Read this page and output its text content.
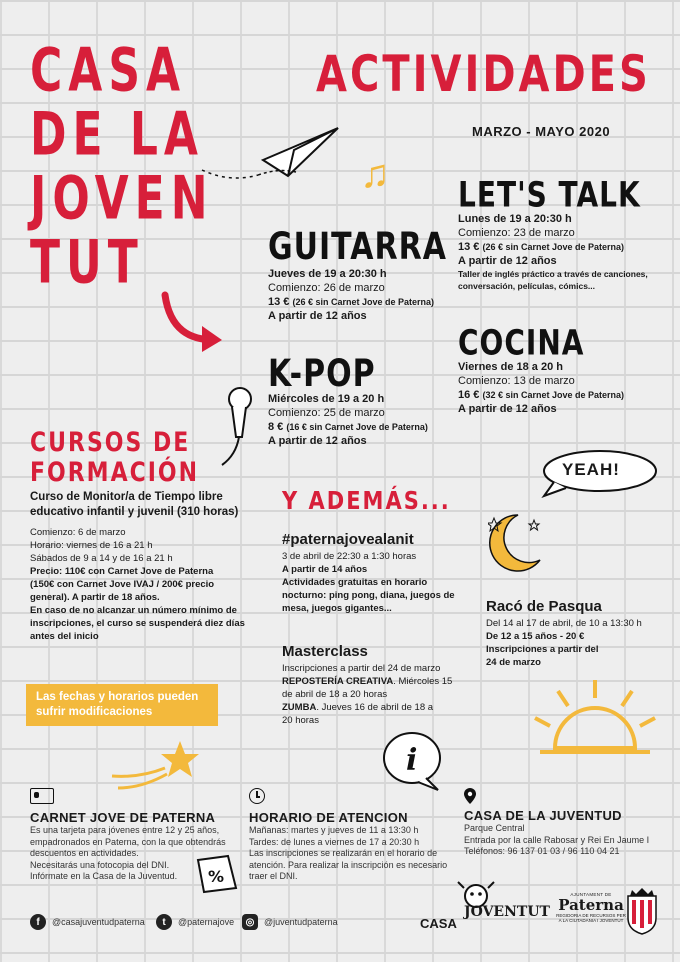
CASA
DE LA
JOVEN
TUT
ACTIVIDADES
MARZO - MAYO 2020
♫
GUITARRA
Jueves de 19 a 20:30 h
Comienzo: 26 de marzo
13 € (26 € sin Carnet Jove de Paterna)
A partir de 12 años
K-POP
Miércoles de 19 a 20 h
Comienzo: 25 de marzo
8 € (16 € sin Carnet Jove de Paterna)
A partir de 12 años
LET'S TALK
Lunes de 19 a 20:30 h
Comienzo: 23 de marzo
13 € (26 € sin Carnet Jove de Paterna)
A partir de 12 años
Taller de inglés práctico a través de canciones,
conversación, películas, cómics...
COCINA
Viernes de 18 a 20 h
Comienzo: 13 de marzo
16 € (32 € sin Carnet Jove de Paterna)
A partir de 12 años
CURSOS DE
FORMACIÓN
Curso de Monitor/a de Tiempo libre
educativo infantil y juvenil (310 horas)
Comienzo: 6 de marzo
Horario: viernes de 16 a 21 h
Sábados de 9 a 14 y de 16 a 21 h
Precio: 110€ con Carnet Jove de Paterna
(150€ con Carnet Jove IVAJ / 200€ precio
general). A partir de 18 años.
En caso de no alcanzar un número mínimo de
inscripciones, el curso se suspenderá diez días
antes del inicio
Las fechas y horarios pueden sufrir modificaciones
YEAH!
Y ADEMÁS...
#paternajovealanit
3 de abril de 22:30 a 1:30 horas
A partir de 14 años
Actividades gratuitas en horario
nocturno: ping pong, diana, juegos de
mesa, juegos gigantes...	Racó de Pasqua
Del 14 al 17 de abril, de 10 a 13:30 h
De 12 a 15 años - 20 €
Inscripciones a partir del
24 de marzo
Masterclass
Inscripciones a partir del 24 de marzo
REPOSTERÍA CREATIVA. Miércoles 15
de abril de 18 a 20 horas
ZUMBA. Jueves 16 de abril de 18 a
20 horas
i
CARNET JOVE DE PATERNA
Es una tarjeta para jóvenes entre 12 y 25 años,
empadronados en Paterna, con la que obtendrás
descuentos en actividades.
Necesitarás una fotocopia del DNI.
Infórmate en la Casa de la Juventud.	%
HORARIO DE ATENCION
Mañanas: martes y jueves de 11 a 13:30 h
Tardes: de lunes a viernes de 17 a 20:30 h
Las inscripciones se realizarán en el horario de
atención. Para realizar la inscripción es necesario
traer el DNI.
CASA DE LA JUVENTUD
Parque Central
Entrada por la calle Rabosar y Rei En Jaume I
Teléfonos: 96 137 01 03 / 96 110 04 21
f	@casajuventudpaterna	t	@paternajove	◎	@juventudpaterna	CASA
JOVENTUT
AJUNTAMENT DE
Paterna
REGIDORIA DE RECURSOS PER
A LA CIUTADANIA I JOVENTUT
